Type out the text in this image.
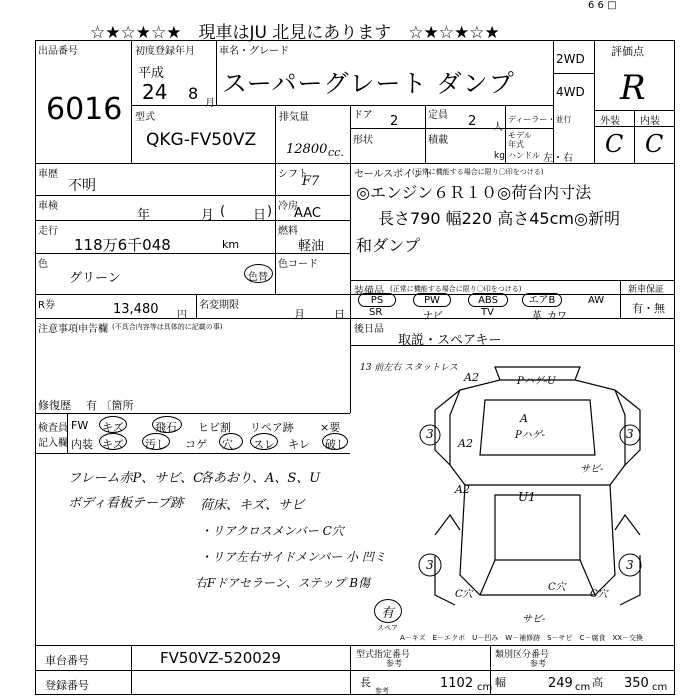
☆★☆★☆★　現車はJU 北見にあります　☆★☆★☆★
6 6 □
出品番号
6016
初度登録年月
平成
24 8
月
車名・グレード
スーパーグレート ダンプ
2WD
4WD
評価点
R
外装 内装
C C
型式
QKG-FV50VZ
排気量
12800 cc.
ドア 2	定員 2 人
ディーラー・並行
形状	積載
kg
モデル
年式
ハンドル 左・右
車歴
不明
シフト
F7
車検
年	月 ( 日 ) 冷房
AAC
走行
118万6千048	km
燃料
軽油
色
グリーン	色替
色コード
R券	13,480 円
名変期限
月	日
注意事項申告欄 (不具合内容等は具体的に記載の事)
修復歴 有 〔箇所
セールスポイント
(正常に機能する場合に限り〇印をつける)
◎エンジン６Ｒ１０◎荷台内寸法
長さ790 幅220 高さ45cm◎新明
和ダンプ
装備品 (正常に機能する場合に限り〇印をつける)
PS	PW	ABS	エアB	AW
SR	ナビ	TV	革 カワ
新車保証
有・無
後日品
取説・スペアキー
検査員
記入欄
FW キズ	飛石 ヒビ割 リペア跡 ×要
内装 キズ 汚し コゲ 穴 スレ キレ 破し
フレーム赤P、サビ、C
ボディ看板テープ跡
各あおり、A、S、U
荷床、キズ、サビ
・リアクロスメンバー C穴
・リア左右サイドメンバー 小 凹ミ
右Fドアセラーン、ステップ B傷
有
スペア
13 前左右 スタットレス
A2	Pハゲ-U
A
Pハゲ-
A2
A2
U1
3	3
3	3
C穴
C穴
C穴
サビ-
サビ-
A－キズ　E－エクボ　U－凹み　W－補修跡　S－サビ　C－腐食　XX－交換
車台番号	FV50VZ-520029
登録番号
型式指定番号
参考
類別区分番号
参考
長
参考	1102 cm 幅	249 cm 高 350 cm
